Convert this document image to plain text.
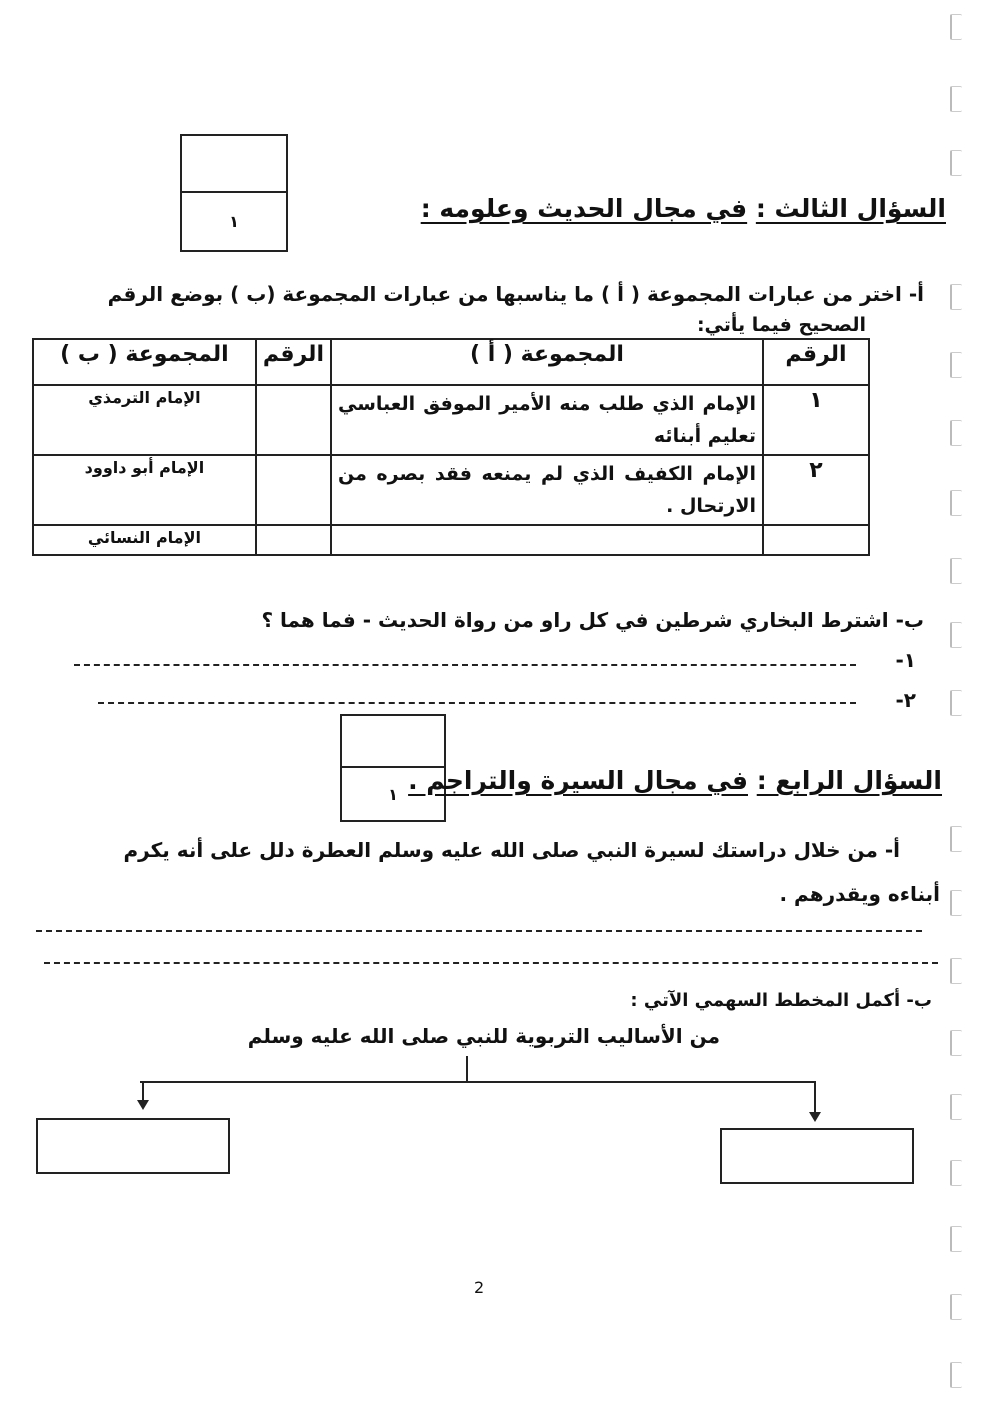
١	السؤال الثالث : في مجال الحديث وعلومه :
أ- اختر من عبارات المجموعة ( أ ) ما يناسبها من عبارات المجموعة (ب ) بوضع الرقم
الصحيح فيما يأتي:
الرقم	المجموعة ( أ )	الرقم	المجموعة ( ب )
١	الإمام الذي طلب منه الأمير الموفق العباسي تعليم أبنائه		الإمام الترمذي
٢	الإمام الكفيف الذي لم يمنعه فقد بصره من الارتحال .		الإمام أبو داوود
			الإمام النسائي
ب- اشترط البخاري شرطين في كل راو من رواة الحديث - فما هما ؟
١-
٢-
١	السؤال الرابع : في مجال السيرة والتراجم .
أ- من خلال دراستك لسيرة النبي صلى الله عليه وسلم العطرة دلل على أنه يكرم
أبناءه ويقدرهم .
ب- أكمل المخطط السهمي الآتي :
من الأساليب التربوية للنبي صلى الله عليه وسلم
2
